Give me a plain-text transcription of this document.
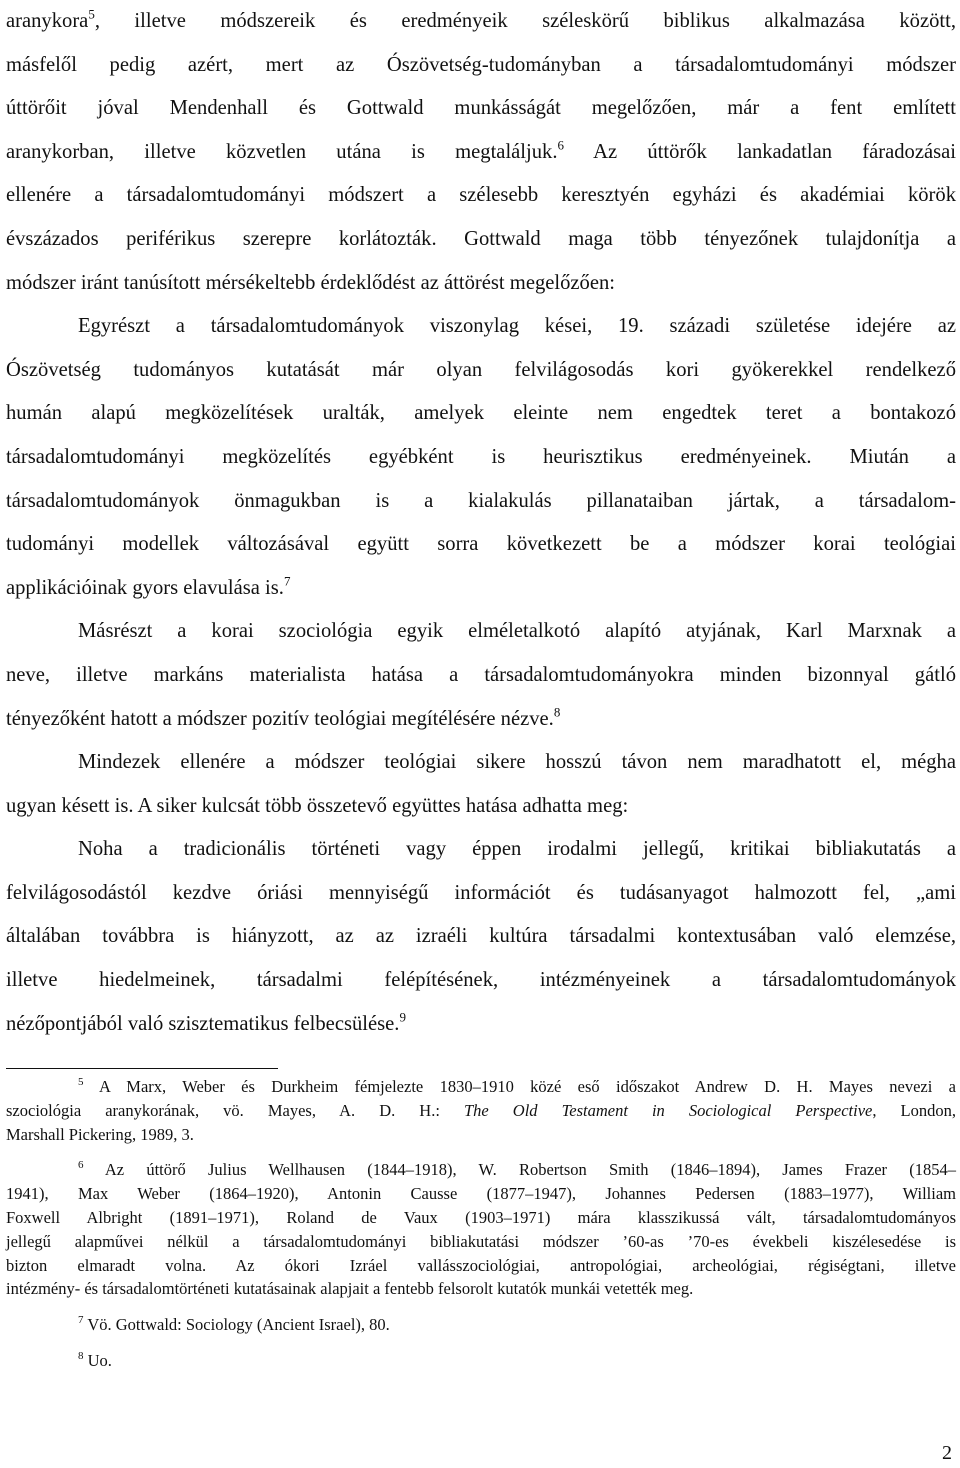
aranykora$^5$, illetve módszereik és eredményeik széleskörű biblikus alkalmazása között,
másfelől pedig azért, mert az Ószövetség-tudományban a társadalomtudományi módszer
úttörőit jóval Mendenhall és Gottwald munkásságát megelőzően, már a fent említett
aranykorban, illetve közvetlen utána is megtaláljuk.$^6$ Az úttörők lankadatlan fáradozásai
ellenére a társadalomtudományi módszert a szélesebb keresztyén egyházi és akadémiai körök
évszázados periférikus szerepre korlátozták. Gottwald maga több tényezőnek tulajdonítja a
módszer iránt tanúsított mérsékeltebb érdeklődést az áttörést megelőzően:
Egyrészt a társadalomtudományok viszonylag kései, 19. századi születése idejére az
Ószövetség tudományos kutatását már olyan felvilágosodás kori gyökerekkel rendelkező
humán alapú megközelítések uralták, amelyek eleinte nem engedtek teret a bontakozó
társadalomtudományi megközelítés egyébként is heurisztikus eredményeinek. Miután a
társadalomtudományok önmagukban is a kialakulás pillanataiban jártak, a társadalom-
tudományi modellek változásával együtt sorra következett be a módszer korai teológiai
applikációinak gyors elavulása is.$^7$
Másrészt a korai szociológia egyik elméletalkotó alapító atyjának, Karl Marxnak a
neve, illetve markáns materialista hatása a társadalomtudományokra minden bizonnyal gátló
tényezőként hatott a módszer pozitív teológiai megítélésére nézve.$^8$
Mindezek ellenére a módszer teológiai sikere hosszú távon nem maradhatott el, mégha
ugyan késett is. A siker kulcsát több összetevő együttes hatása adhatta meg:
Noha a tradicionális történeti vagy éppen irodalmi jellegű, kritikai bibliakutatás a
felvilágosodástól kezdve óriási mennyiségű információt és tudásanyagot halmozott fel, „ami
általában továbbra is hiányzott, az az izraéli kultúra társadalmi kontextusában való elemzése,
illetve hiedelmeinek, társadalmi felépítésének, intézményeinek a társadalomtudományok
nézőpontjából való szisztematikus felbecsülése.$^9$
$^5$ A Marx, Weber és Durkheim fémjelezte 1830–1910 közé eső időszakot Andrew D. H. Mayes nevezi a
szociológia aranykorának, vö. Mayes, A. D. H.: The Old Testament in Sociological Perspective, London,
Marshall Pickering, 1989, 3.
$^6$ Az úttörő Julius Wellhausen (1844–1918), W. Robertson Smith (1846–1894), James Frazer (1854–
1941), Max Weber (1864–1920), Antonin Causse (1877–1947), Johannes Pedersen (1883–1977), William
Foxwell Albright (1891–1971), Roland de Vaux (1903–1971) mára klasszikussá vált, társadalomtudományos
jellegű alapművei nélkül a társadalomtudományi bibliakutatási módszer ’60-as ’70-es évekbeli kiszélesedése is
bizton elmaradt volna. Az ókori Izráel vallásszociológiai, antropológiai, archeológiai, régiségtani, illetve
intézmény- és társadalomtörténeti kutatásainak alapjait a fentebb felsorolt kutatók munkái vetették meg.
$^7$ Vö. Gottwald: Sociology (Ancient Israel), 80.
$^8$ Uo.
2
